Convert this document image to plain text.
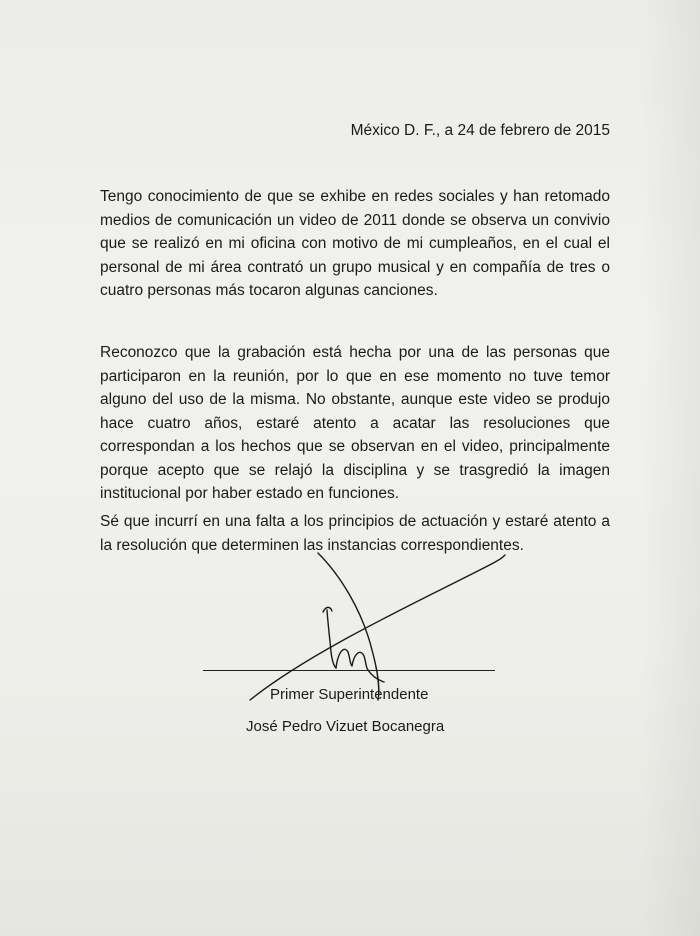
México D. F., a 24 de febrero de 2015

Tengo conocimiento de que se exhibe en redes sociales y han retomado medios de comunicación un video de 2011 donde se observa un convivio que se realizó en mi oficina con motivo de mi cumpleaños, en el cual el personal de mi área contrató un grupo musical y en compañía de tres o cuatro personas más tocaron algunas canciones.

Reconozco que la grabación está hecha por una de las personas que participaron en la reunión, por lo que en ese momento no tuve temor alguno del uso de la misma. No obstante, aunque este video se produjo hace cuatro años, estaré atento a acatar las resoluciones que correspondan a los hechos que se observan en el video, principalmente porque acepto que se relajó la disciplina y se trasgredió la imagen institucional por haber estado en funciones.

Sé que incurrí en una falta a los principios de actuación y estaré atento a la resolución que determinen las instancias correspondientes.

Primer Superintendente
José Pedro Vizuet Bocanegra
